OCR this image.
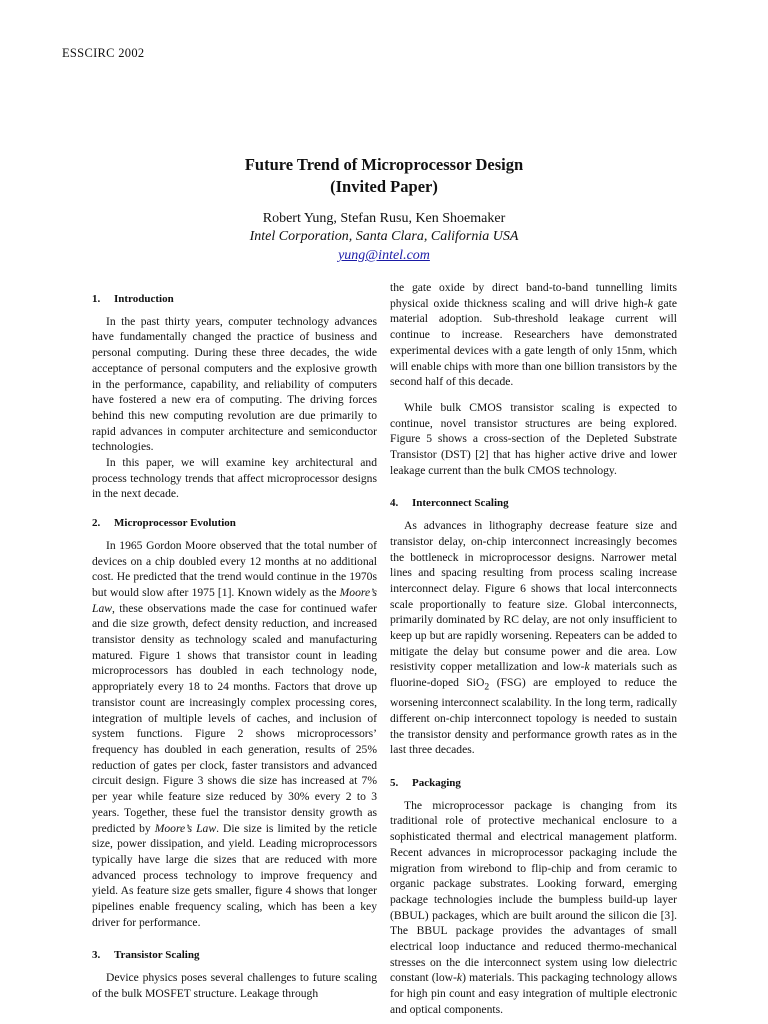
ESSCIRC 2002
Future Trend of Microprocessor Design
(Invited Paper)
Robert Yung, Stefan Rusu, Ken Shoemaker
Intel Corporation, Santa Clara, California USA
yung@intel.com
1. Introduction

In the past thirty years, computer technology advances have fundamentally changed the practice of business and personal computing. During these three decades, the wide acceptance of personal computers and the explosive growth in the performance, capability, and reliability of computers have fostered a new era of computing. The driving forces behind this new computing revolution are due primarily to rapid advances in computer architecture and semiconductor technologies.

In this paper, we will examine key architectural and process technology trends that affect microprocessor designs in the next decade.

2. Microprocessor Evolution

In 1965 Gordon Moore observed that the total number of devices on a chip doubled every 12 months at no additional cost. He predicted that the trend would continue in the 1970s but would slow after 1975 [1]. Known widely as the Moore’s Law, these observations made the case for continued wafer and die size growth, defect density reduction, and increased transistor density as technology scaled and manufacturing matured. Figure 1 shows that transistor count in leading microprocessors has doubled in each technology node, appropriately every 18 to 24 months. Factors that drove up transistor count are increasingly complex processing cores, integration of multiple levels of caches, and inclusion of system functions. Figure 2 shows microprocessors’ frequency has doubled in each generation, results of 25% reduction of gates per clock, faster transistors and advanced circuit design. Figure 3 shows die size has increased at 7% per year while feature size reduced by 30% every 2 to 3 years. Together, these fuel the transistor density growth as predicted by Moore’s Law. Die size is limited by the reticle size, power dissipation, and yield. Leading microprocessors typically have large die sizes that are reduced with more advanced process technology to improve frequency and yield. As feature size gets smaller, figure 4 shows that longer pipelines enable frequency scaling, which has been a key driver for performance.

3. Transistor Scaling

Device physics poses several challenges to future scaling of the bulk MOSFET structure. Leakage through

the gate oxide by direct band-to-band tunnelling limits physical oxide thickness scaling and will drive high-k gate material adoption. Sub-threshold leakage current will continue to increase. Researchers have demonstrated experimental devices with a gate length of only 15nm, which will enable chips with more than one billion transistors by the second half of this decade.

While bulk CMOS transistor scaling is expected to continue, novel transistor structures are being explored. Figure 5 shows a cross-section of the Depleted Substrate Transistor (DST) [2] that has higher active drive and lower leakage current than the bulk CMOS technology.

4. Interconnect Scaling

As advances in lithography decrease feature size and transistor delay, on-chip interconnect increasingly becomes the bottleneck in microprocessor designs. Narrower metal lines and spacing resulting from process scaling increase interconnect delay. Figure 6 shows that local interconnects scale proportionally to feature size. Global interconnects, primarily dominated by RC delay, are not only insufficient to keep up but are rapidly worsening. Repeaters can be added to mitigate the delay but consume power and die area. Low resistivity copper metallization and low-k materials such as fluorine-doped SiO$_2$ (FSG) are employed to reduce the worsening interconnect scalability. In the long term, radically different on-chip interconnect topology is needed to sustain the transistor density and performance growth rates as in the last three decades.

5. Packaging

The microprocessor package is changing from its traditional role of protective mechanical enclosure to a sophisticated thermal and electrical management platform. Recent advances in microprocessor packaging include the migration from wirebond to flip-chip and from ceramic to organic package substrates. Looking forward, emerging package technologies include the bumpless build-up layer (BBUL) packages, which are built around the silicon die [3]. The BBUL package provides the advantages of small electrical loop inductance and reduced thermo-mechanical stresses on the die interconnect system using low dielectric constant (low-k) materials. This packaging technology allows for high pin count and easy integration of multiple electronic and optical components.
